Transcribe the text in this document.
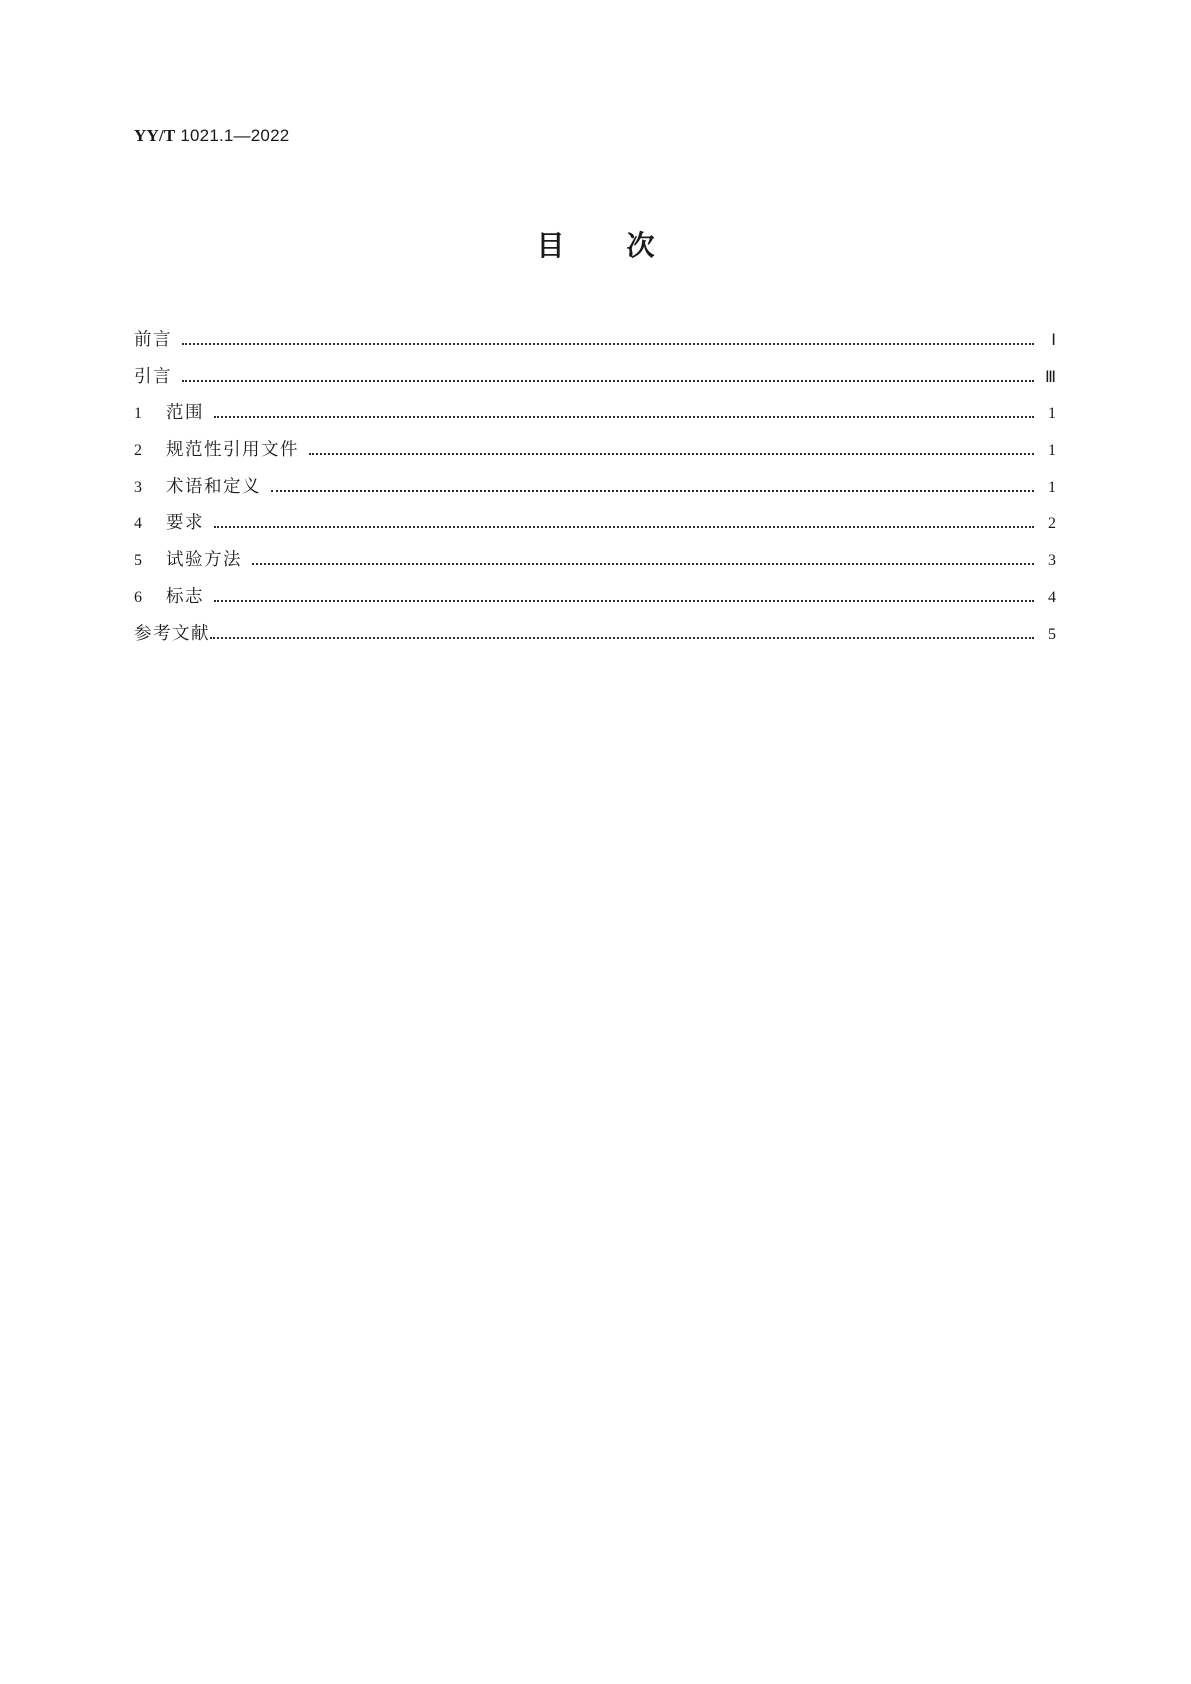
YY/T 1021.1—2022
目次
前言	Ⅰ
引言	Ⅲ
1	范围	1
2	规范性引用文件	1
3	术语和定义	1
4	要求	2
5	试验方法	3
6	标志	4
参考文献	5
